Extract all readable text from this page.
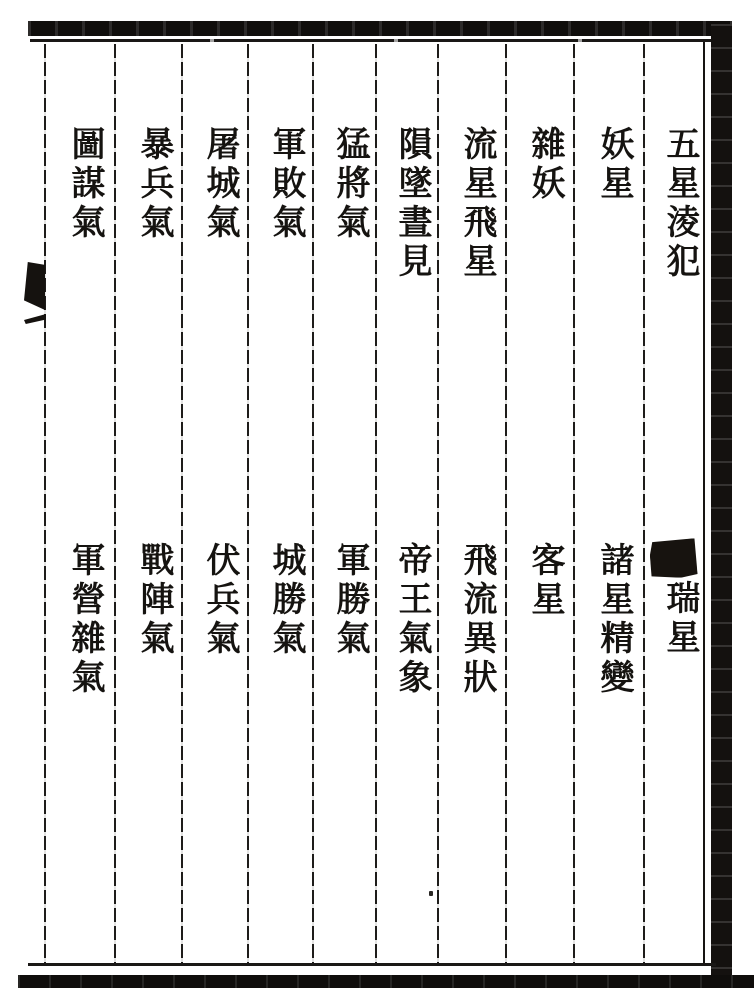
五星淩犯
妖星
雜妖
流星飛星
隕墜晝見
猛將氣
軍敗氣
屠城氣
暴兵氣
圖謀氣
瑞星
諸星精變
客星
飛流異狀
帝王氣象
軍勝氣
城勝氣
伏兵氣
戰陣氣
軍營雜氣
